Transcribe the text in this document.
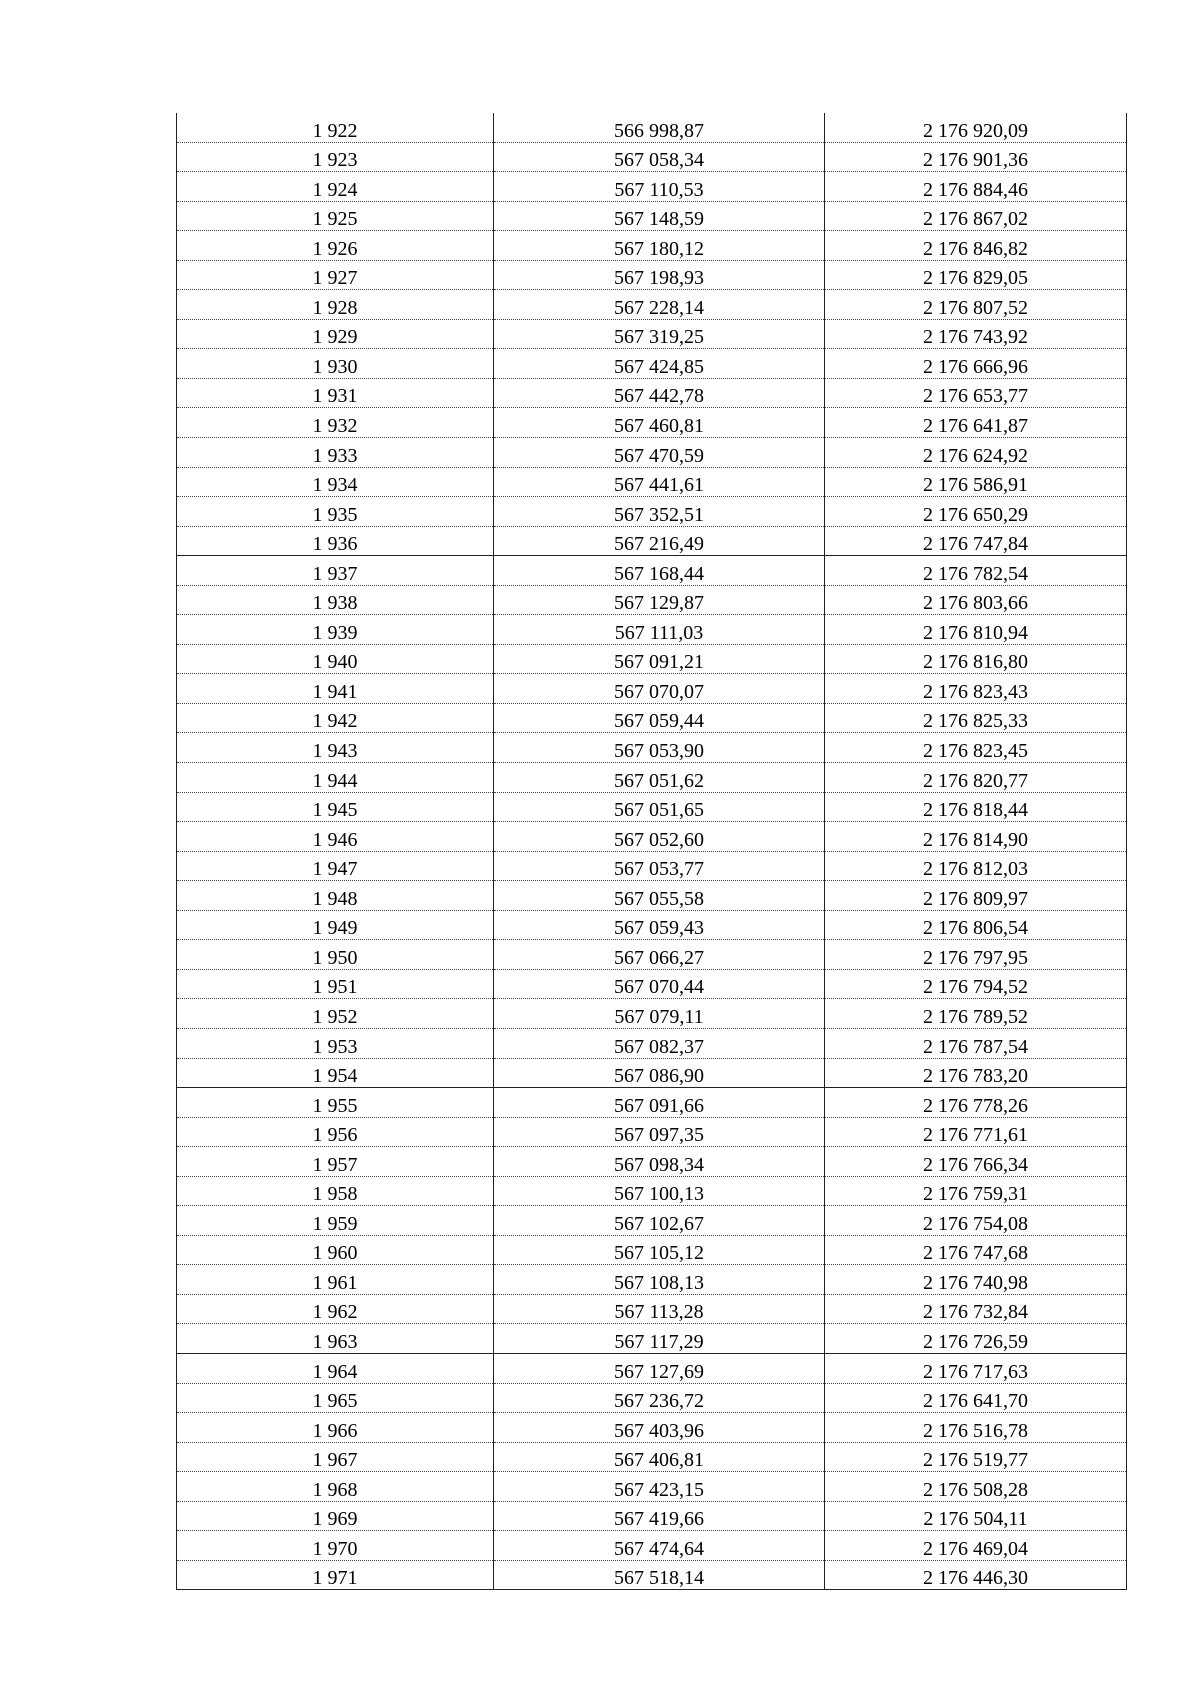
1 922	566 998,87	2 176 920,09
1 923	567 058,34	2 176 901,36
1 924	567 110,53	2 176 884,46
1 925	567 148,59	2 176 867,02
1 926	567 180,12	2 176 846,82
1 927	567 198,93	2 176 829,05
1 928	567 228,14	2 176 807,52
1 929	567 319,25	2 176 743,92
1 930	567 424,85	2 176 666,96
1 931	567 442,78	2 176 653,77
1 932	567 460,81	2 176 641,87
1 933	567 470,59	2 176 624,92
1 934	567 441,61	2 176 586,91
1 935	567 352,51	2 176 650,29
1 936	567 216,49	2 176 747,84
1 937	567 168,44	2 176 782,54
1 938	567 129,87	2 176 803,66
1 939	567 111,03	2 176 810,94
1 940	567 091,21	2 176 816,80
1 941	567 070,07	2 176 823,43
1 942	567 059,44	2 176 825,33
1 943	567 053,90	2 176 823,45
1 944	567 051,62	2 176 820,77
1 945	567 051,65	2 176 818,44
1 946	567 052,60	2 176 814,90
1 947	567 053,77	2 176 812,03
1 948	567 055,58	2 176 809,97
1 949	567 059,43	2 176 806,54
1 950	567 066,27	2 176 797,95
1 951	567 070,44	2 176 794,52
1 952	567 079,11	2 176 789,52
1 953	567 082,37	2 176 787,54
1 954	567 086,90	2 176 783,20
1 955	567 091,66	2 176 778,26
1 956	567 097,35	2 176 771,61
1 957	567 098,34	2 176 766,34
1 958	567 100,13	2 176 759,31
1 959	567 102,67	2 176 754,08
1 960	567 105,12	2 176 747,68
1 961	567 108,13	2 176 740,98
1 962	567 113,28	2 176 732,84
1 963	567 117,29	2 176 726,59
1 964	567 127,69	2 176 717,63
1 965	567 236,72	2 176 641,70
1 966	567 403,96	2 176 516,78
1 967	567 406,81	2 176 519,77
1 968	567 423,15	2 176 508,28
1 969	567 419,66	2 176 504,11
1 970	567 474,64	2 176 469,04
1 971	567 518,14	2 176 446,30
